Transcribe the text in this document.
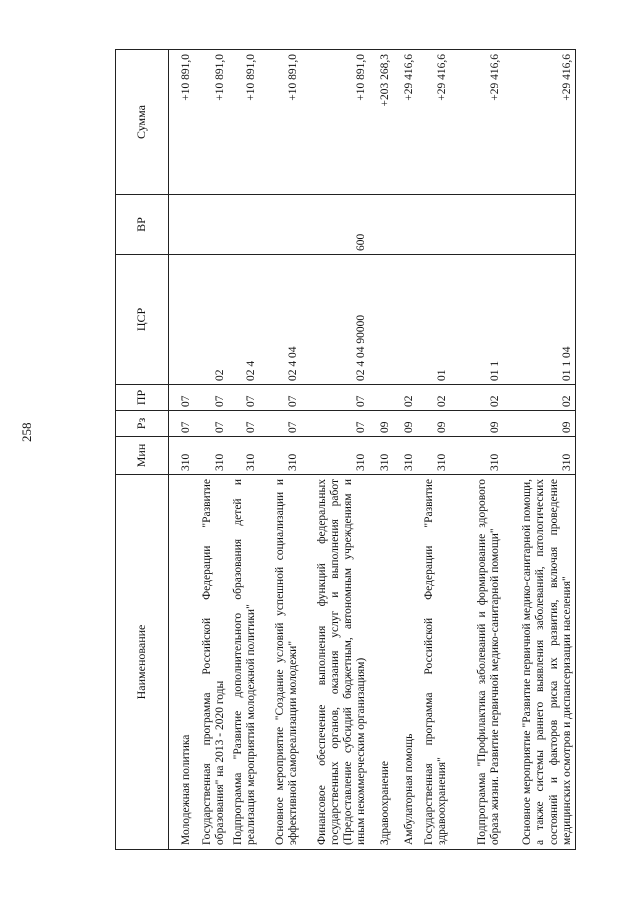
258
Наименование	Мин	Рз	ПР	ЦСР	ВР	Сумма
Молодежная политика	310	07	07			+10 891,0
Государственная программа Российской Федерации "Развитие образования" на 2013 - 2020 годы	310	07	07	02		+10 891,0
Подпрограмма "Развитие дополнительного образования детей и реализация мероприятий молодежной политики"	310	07	07	02 4		+10 891,0
Основное мероприятие "Создание условий успешной социализации и эффективной самореализации молодежи"	310	07	07	02 4 04		+10 891,0
Финансовое обеспечение выполнения функций федеральных государственных органов, оказания услуг и выполнения работ (Предоставление субсидий бюджетным, автономным учреждениям и иным некоммерческим организациям)	310	07	07	02 4 04 90000	600	+10 891,0
Здравоохранение	310	09				+203 268,3
Амбулаторная помощь	310	09	02			+29 416,6
Государственная программа Российской Федерации "Развитие здравоохранения"	310	09	02	01		+29 416,6
Подпрограмма "Профилактика заболеваний и формирование здорового образа жизни. Развитие первичной медико-санитарной помощи"	310	09	02	01 1		+29 416,6
Основное мероприятие "Развитие первичной медико-санитарной помощи, а также системы раннего выявления заболеваний, патологических состояний и факторов риска их развития, включая проведение медицинских осмотров и диспансеризации населения"	310	09	02	01 1 04		+29 416,6
